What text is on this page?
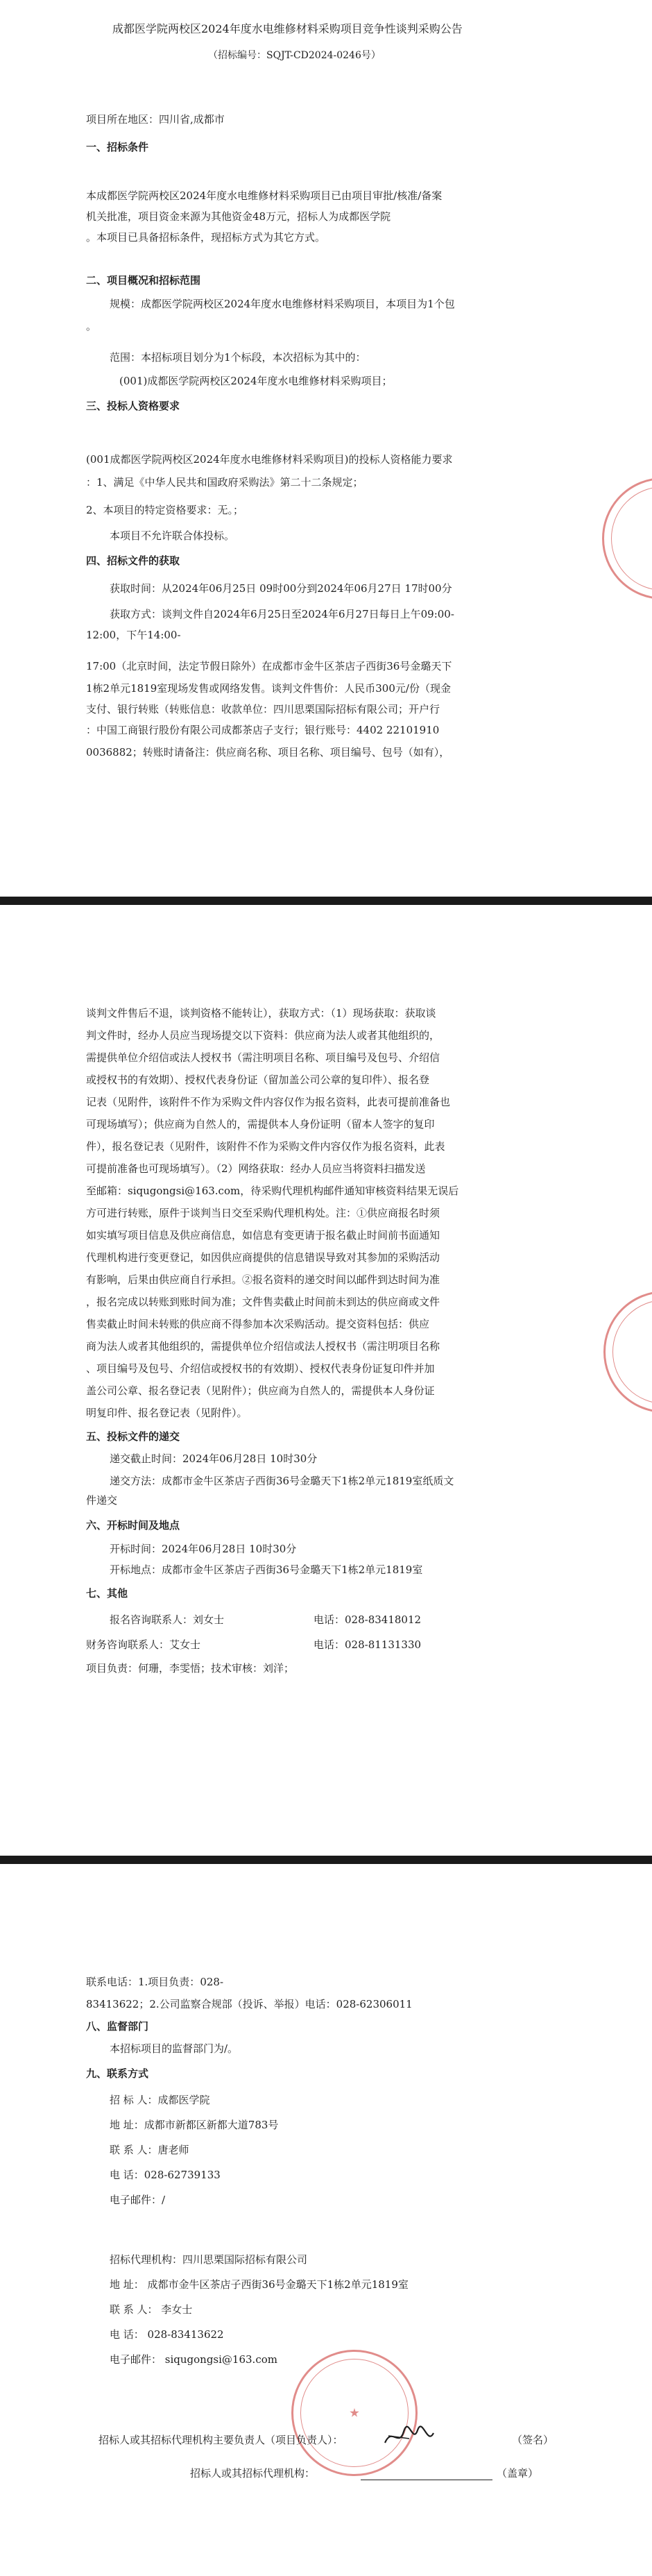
成都医学院两校区2024年度水电维修材料采购项目竞争性谈判采购公告
（招标编号：SQJT-CD2024-0246号）
项目所在地区：四川省,成都市
一、招标条件
本成都医学院两校区2024年度水电维修材料采购项目已由项目审批/核准/备案
机关批准，项目资金来源为其他资金48万元，招标人为成都医学院
。本项目已具备招标条件，现招标方式为其它方式。
二、项目概况和招标范围
规模：成都医学院两校区2024年度水电维修材料采购项目，本项目为1个包
。
范围：本招标项目划分为1个标段，本次招标为其中的：
(001)成都医学院两校区2024年度水电维修材料采购项目；
三、投标人资格要求
(001成都医学院两校区2024年度水电维修材料采购项目)的投标人资格能力要求
：1、满足《中华人民共和国政府采购法》第二十二条规定；
2、本项目的特定资格要求：无。；
本项目不允许联合体投标。
四、招标文件的获取
获取时间：从2024年06月25日 09时00分到2024年06月27日 17时00分
获取方式：谈判文件自2024年6月25日至2024年6月27日每日上午09:00-
12:00，下午14:00-
17:00（北京时间，法定节假日除外）在成都市金牛区茶店子西街36号金璐天下
1栋2单元1819室现场发售或网络发售。谈判文件售价：人民币300元/份（现金
支付、银行转账（转账信息：收款单位：四川思栗国际招标有限公司；开户行
：中国工商银行股份有限公司成都茶店子支行；银行账号：4402 22101910
0036882；转账时请备注：供应商名称、项目名称、项目编号、包号（如有），
谈判文件售后不退，谈判资格不能转让），获取方式：（1）现场获取：获取谈
判文件时，经办人员应当现场提交以下资料：供应商为法人或者其他组织的，
需提供单位介绍信或法人授权书（需注明项目名称、项目编号及包号、介绍信
或授权书的有效期）、授权代表身份证（留加盖公司公章的复印件）、报名登
记表（见附件，该附件不作为采购文件内容仅作为报名资料，此表可提前准备也
可现场填写）；供应商为自然人的，需提供本人身份证明（留本人签字的复印
件），报名登记表（见附件，该附件不作为采购文件内容仅作为报名资料，此表
可提前准备也可现场填写）。（2）网络获取：经办人员应当将资料扫描发送
至邮箱：siqugongsi@163.com，待采购代理机构邮件通知审核资料结果无误后
方可进行转账，原件于谈判当日交至采购代理机构处。注：①供应商报名时须
如实填写项目信息及供应商信息，如信息有变更请于报名截止时间前书面通知
代理机构进行变更登记，如因供应商提供的信息错误导致对其参加的采购活动
有影响，后果由供应商自行承担。②报名资料的递交时间以邮件到达时间为准
，报名完成以转账到账时间为准；文件售卖截止时间前未到达的供应商或文件
售卖截止时间未转账的供应商不得参加本次采购活动。提交资料包括：供应
商为法人或者其他组织的，需提供单位介绍信或法人授权书（需注明项目名称
、项目编号及包号、介绍信或授权书的有效期）、授权代表身份证复印件并加
盖公司公章、报名登记表（见附件）；供应商为自然人的，需提供本人身份证
明复印件、报名登记表（见附件）。
五、投标文件的递交
递交截止时间：2024年06月28日 10时30分
递交方法：成都市金牛区茶店子西街36号金璐天下1栋2单元1819室纸质文
件递交
六、开标时间及地点
开标时间：2024年06月28日 10时30分
开标地点：成都市金牛区茶店子西街36号金璐天下1栋2单元1819室
七、其他
报名咨询联系人：刘女士	电话：028-83418012
财务咨询联系人：艾女士	电话：028-81131330
项目负责：何珊，李雯悟；技术审核：刘洋；
联系电话：1.项目负责：028-
83413622；2.公司监察合规部（投诉、举报）电话：028-62306011
八、监督部门
本招标项目的监督部门为/。
九、联系方式
招 标 人：成都医学院
地 址：成都市新都区新都大道783号
联 系 人：唐老师
电 话：028-62739133
电子邮件：/
招标代理机构：四川思栗国际招标有限公司
地 址： 成都市金牛区茶店子西街36号金璐天下1栋2单元1819室
联 系 人： 李女士
电 话： 028-83413622
电子邮件： siqugongsi@163.com
招标人或其招标代理机构主要负责人（项目负责人）：	（签名）
招标人或其招标代理机构：	（盖章）
